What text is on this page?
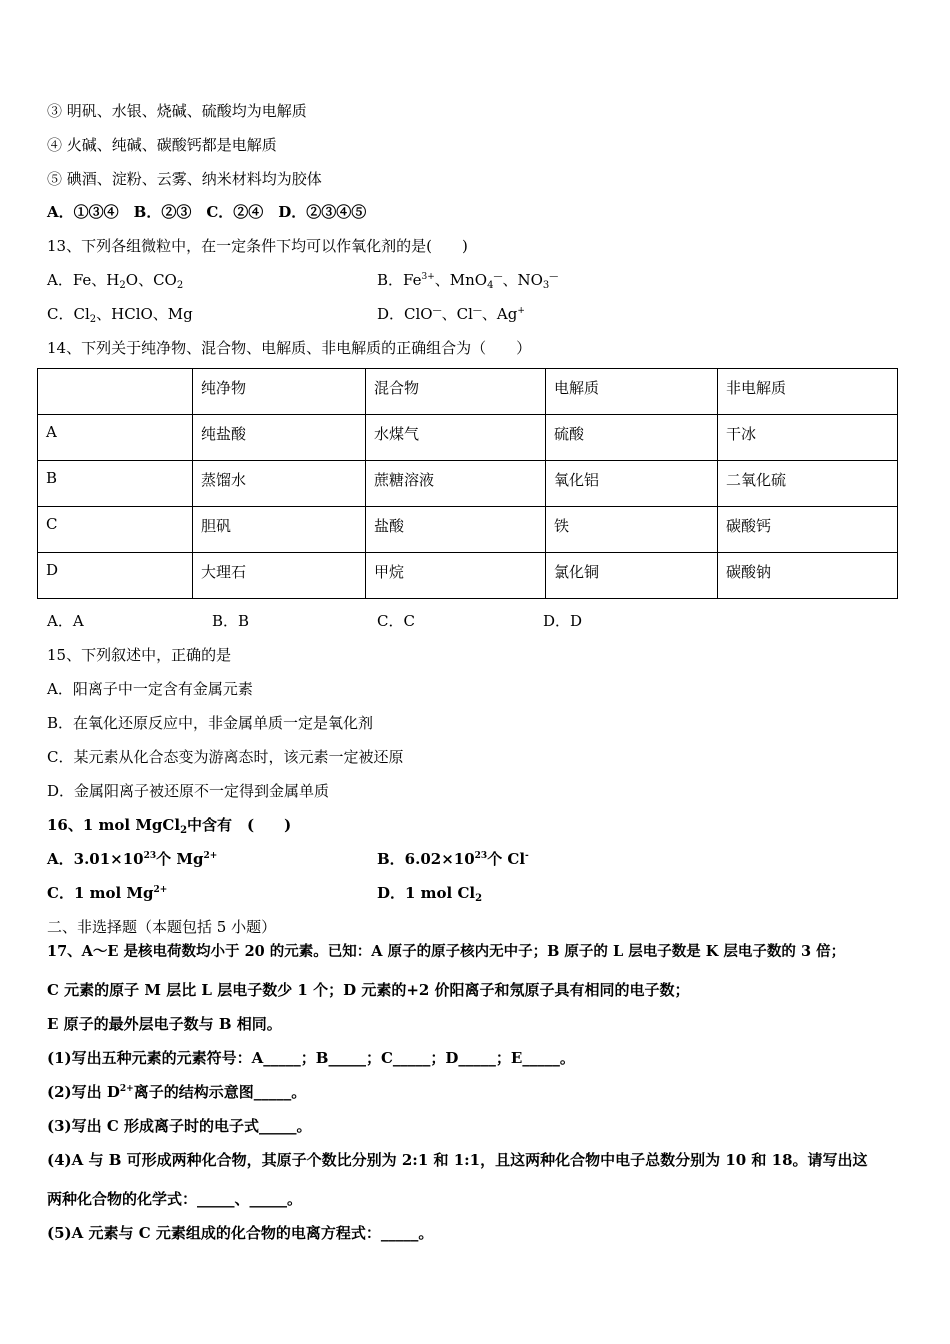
③ 明矾、水银、烧碱、硫酸均为电解质
④ 火碱、纯碱、碳酸钙都是电解质
⑤ 碘酒、淀粉、云雾、纳米材料均为胶体
A．①③④　B．②③　C．②④　D．②③④⑤
13、下列各组微粒中，在一定条件下均可以作氧化剂的是(　　)
A．Fe、$H_2O$、$CO_2$	B．$Fe^{3+}$、MnO$_4$—、$NO_3^—$
C．$Cl_2$、HClO、Mg	D．ClO—、Cl—、Ag+
14、下列关于纯净物、混合物、电解质、非电解质的正确组合为（　　）
	纯净物	混合物	电解质	非电解质
A	纯盐酸	水煤气	硫酸	干冰
B	蒸馏水	蔗糖溶液	氧化铝	二氧化硫
C	胆矾	盐酸	铁	碳酸钙
D	大理石	甲烷	氯化铜	碳酸钠
A．A	B．B	C．C	D．D
15、下列叙述中，正确的是
A．阳离子中一定含有金属元素
B．在氧化还原反应中，非金属单质一定是氧化剂
C．某元素从化合态变为游离态时，该元素一定被还原
D．金属阳离子被还原不一定得到金属单质
16、1 mol MgCl$_2$中含有　(　　)
A．$3.01\times 10^{23}$个 $Mg^{2+}$	B．$6.02\times 10^{23}$个 Cl-
C．1 mol $Mg^{2+}$	D．1 mol $Cl_2$
二、非选择题（本题包括 5 小题）
17、A～E 是核电荷数均小于 20 的元素。已知：A 原子的原子核内无中子；B 原子的 L 层电子数是 K 层电子数的 3 倍；
C 元素的原子 M 层比 L 层电子数少 1 个；D 元素的+2 价阳离子和氖原子具有相同的电子数；
E 原子的最外层电子数与 B 相同。
(1)写出五种元素的元素符号：A_____；B_____；C_____；D_____；E_____。
(2)写出 $D^{2+}$离子的结构示意图_____。
(3)写出 C 形成离子时的电子式_____。
(4)A 与 B 可形成两种化合物，其原子个数比分别为 2:1 和 1:1，且这两种化合物中电子总数分别为 10 和 18。请写出这
两种化合物的化学式：_____、_____。
(5)A 元素与 C 元素组成的化合物的电离方程式：_____。
